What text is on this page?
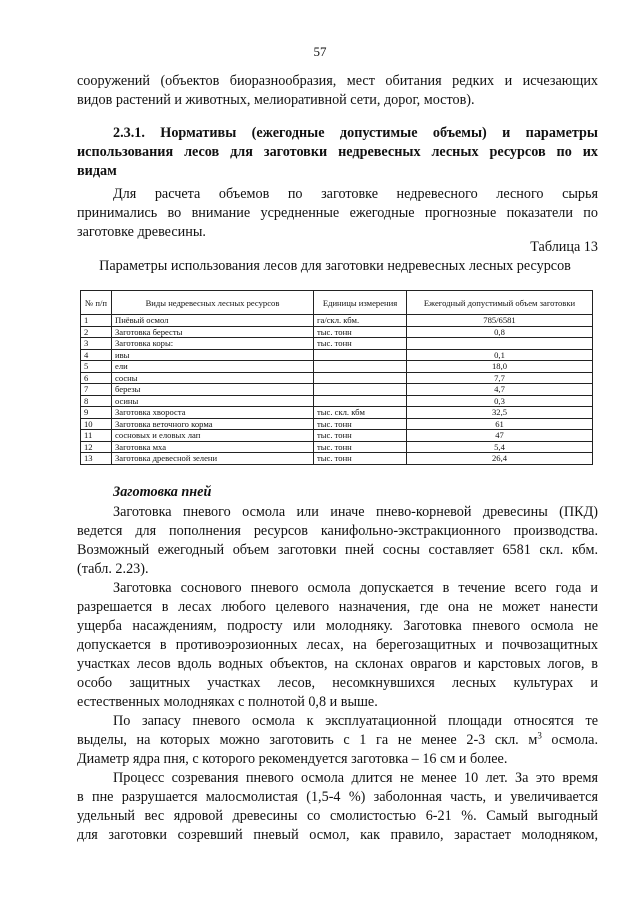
57

сооружений (объектов биоразнообразия, мест обитания редких и исчезающих
видов растений и животных, мелиоративной сети, дорог, мостов).

2.3.1. Нормативы (ежегодные допустимые объемы) и параметры
использования лесов для заготовки недревесных лесных ресурсов по их
видам

Для расчета объемов по заготовке недревесного лесного сырья
принимались во внимание усредненные ежегодные прогнозные показатели по
заготовке древесины.

Таблица 13
Параметры использования лесов для заготовки недревесных лесных ресурсов
№ п/п	Виды недревесных лесных ресурсов	Единицы измерения	Ежегодный допустимый объем заготовки
1	Пнёвый осмол	га/скл. кбм.	785/6581
2	Заготовка бересты	тыс. тонн	0,8
3	Заготовка коры:	тыс. тонн	
4	ивы		0,1
5	ели		18,0
6	сосны		7,7
7	березы		4,7
8	осины		0,3
9	Заготовка хвороста	тыс. скл. кбм	32,5
10	Заготовка веточного корма	тыс. тонн	61
11	сосновых и еловых лап	тыс. тонн	47
12	Заготовка мха	тыс. тонн	5,4
13	Заготовка древесной зелени	тыс. тонн	26,4
Заготовка пней

Заготовка пневого осмола или иначе пнево-корневой древесины (ПКД)
ведется для пополнения ресурсов канифольно-экстракционного производства.
Возможный ежегодный объем заготовки пней сосны составляет 6581 скл. кбм.
(табл. 2.23).

Заготовка соснового пневого осмола допускается в течение всего года и
разрешается в лесах любого целевого назначения, где она не может нанести
ущерба насаждениям, подросту или молодняку. Заготовка пневого осмола не
допускается в противоэрозионных лесах, на берегозащитных и почвозащитных
участках лесов вдоль водных объектов, на склонах оврагов и карстовых логов, в
особо защитных участках лесов, несомкнувшихся лесных культурах и
естественных молодняках с полнотой 0,8 и выше.

По запасу пневого осмола к эксплуатационной площади относятся те
выделы, на которых можно заготовить с 1 га не менее 2-3 скл. $м^3$ осмола.
Диаметр ядра пня, с которого рекомендуется заготовка – 16 см и более.

Процесс созревания пневого осмола длится не менее 10 лет. За это время
в пне разрушается малосмолистая (1,5-4 %) заболонная часть, и увеличивается
удельный вес ядровой древесины со смолистостью 6-21 %. Самый выгодный
для заготовки созревший пневый осмол, как правило, зарастает молодняком,
